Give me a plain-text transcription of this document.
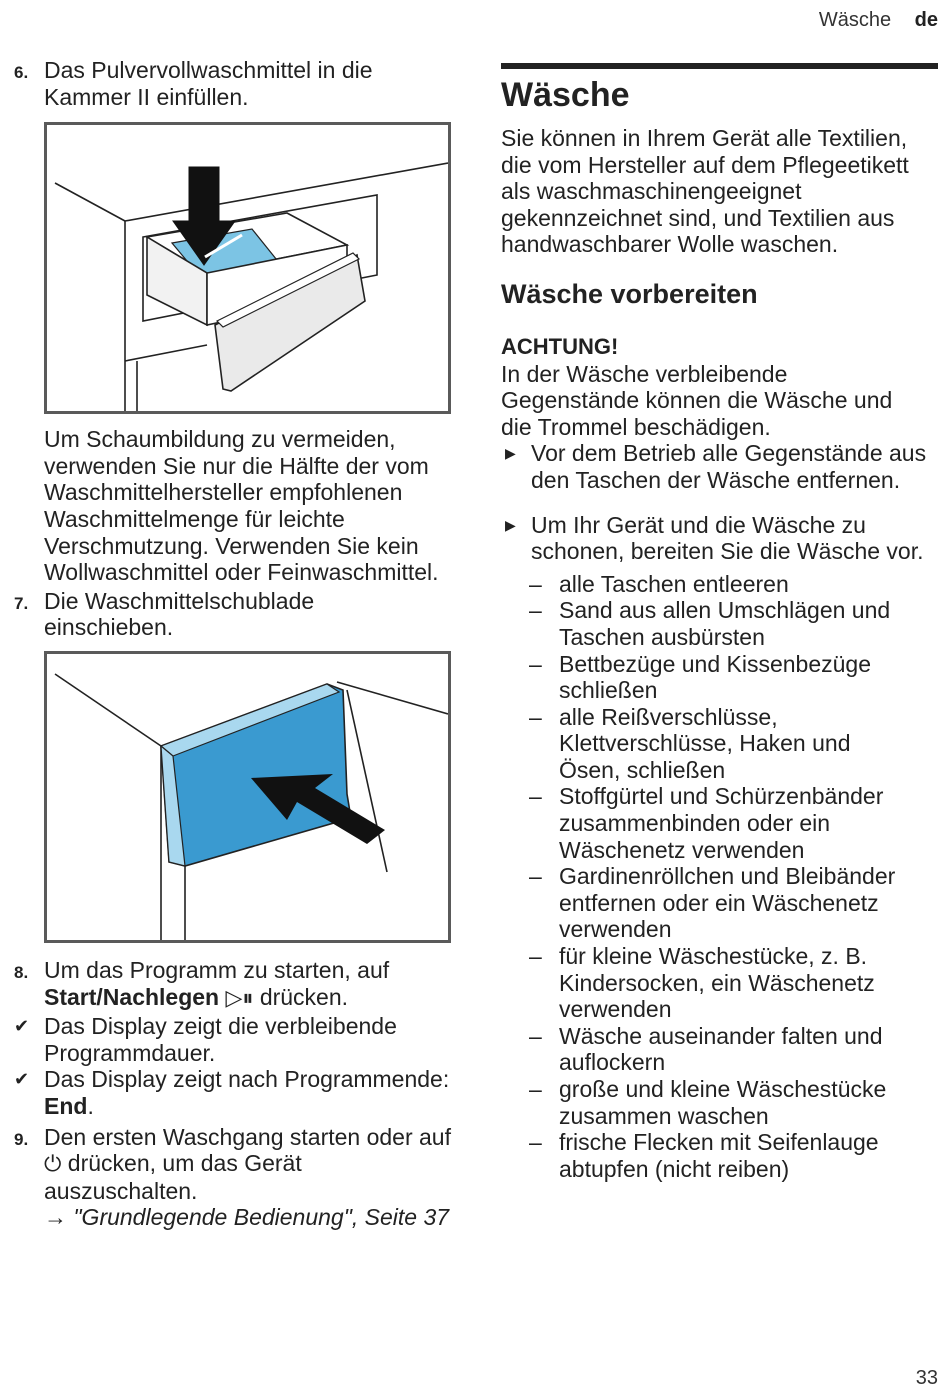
Wäsche de
6. Das Pulvervollwaschmittel in die Kammer II einfüllen.
Um Schaumbildung zu vermeiden, verwenden Sie nur die Hälfte der vom Waschmittelhersteller empfohlenen Waschmittelmenge für leichte Verschmutzung. Verwenden Sie kein Wollwaschmittel oder Feinwaschmittel.
7. Die Waschmittelschublade einschieben.
8. Um das Programm zu starten, auf Start/Nachlegen ▷⏸ drücken.
✔ Das Display zeigt die verbleibende Programmdauer.
✔ Das Display zeigt nach Programmende: End.
9. Den ersten Waschgang starten oder auf ⏻ drücken, um das Gerät auszuschalten.
→ "Grundlegende Bedienung", Seite 37
Wäsche
Sie können in Ihrem Gerät alle Textilien, die vom Hersteller auf dem Pflegeetikett als waschmaschinengeeignet gekennzeichnet sind, und Textilien aus handwaschbarer Wolle waschen.
Wäsche vorbereiten
ACHTUNG!
In der Wäsche verbleibende Gegenstände können die Wäsche und die Trommel beschädigen.
▶ Vor dem Betrieb alle Gegenstände aus den Taschen der Wäsche entfernen.
▶ Um Ihr Gerät und die Wäsche zu schonen, bereiten Sie die Wäsche vor.
– alle Taschen entleeren
– Sand aus allen Umschlägen und Taschen ausbürsten
– Bettbezüge und Kissenbezüge schließen
– alle Reißverschlüsse, Klettverschlüsse, Haken und Ösen, schließen
– Stoffgürtel und Schürzenbänder zusammenbinden oder ein Wäschenetz verwenden
– Gardinenröllchen und Bleibänder entfernen oder ein Wäschenetz verwenden
– für kleine Wäschestücke, z. B. Kindersocken, ein Wäschenetz verwenden
– Wäsche auseinander falten und auflockern
– große und kleine Wäschestücke zusammen waschen
– frische Flecken mit Seifenlauge abtupfen (nicht reiben)
33
